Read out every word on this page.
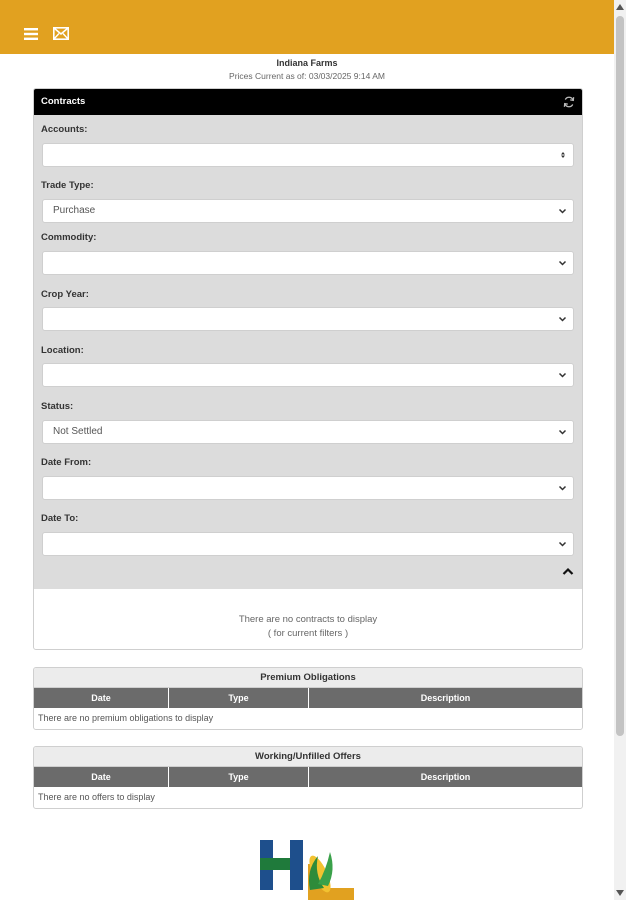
Indiana Farms
Prices Current as of: 03/03/2025 9:14 AM
Contracts
Accounts:
Trade Type:
Purchase
Commodity:
Crop Year:
Location:
Status:
Not Settled
Date From:
Date To:
There are no contracts to display
( for current filters )
Premium Obligations
Date	Type	Description
There are no premium obligations to display
Working/Unfilled Offers
Date	Type	Description
There are no offers to display
